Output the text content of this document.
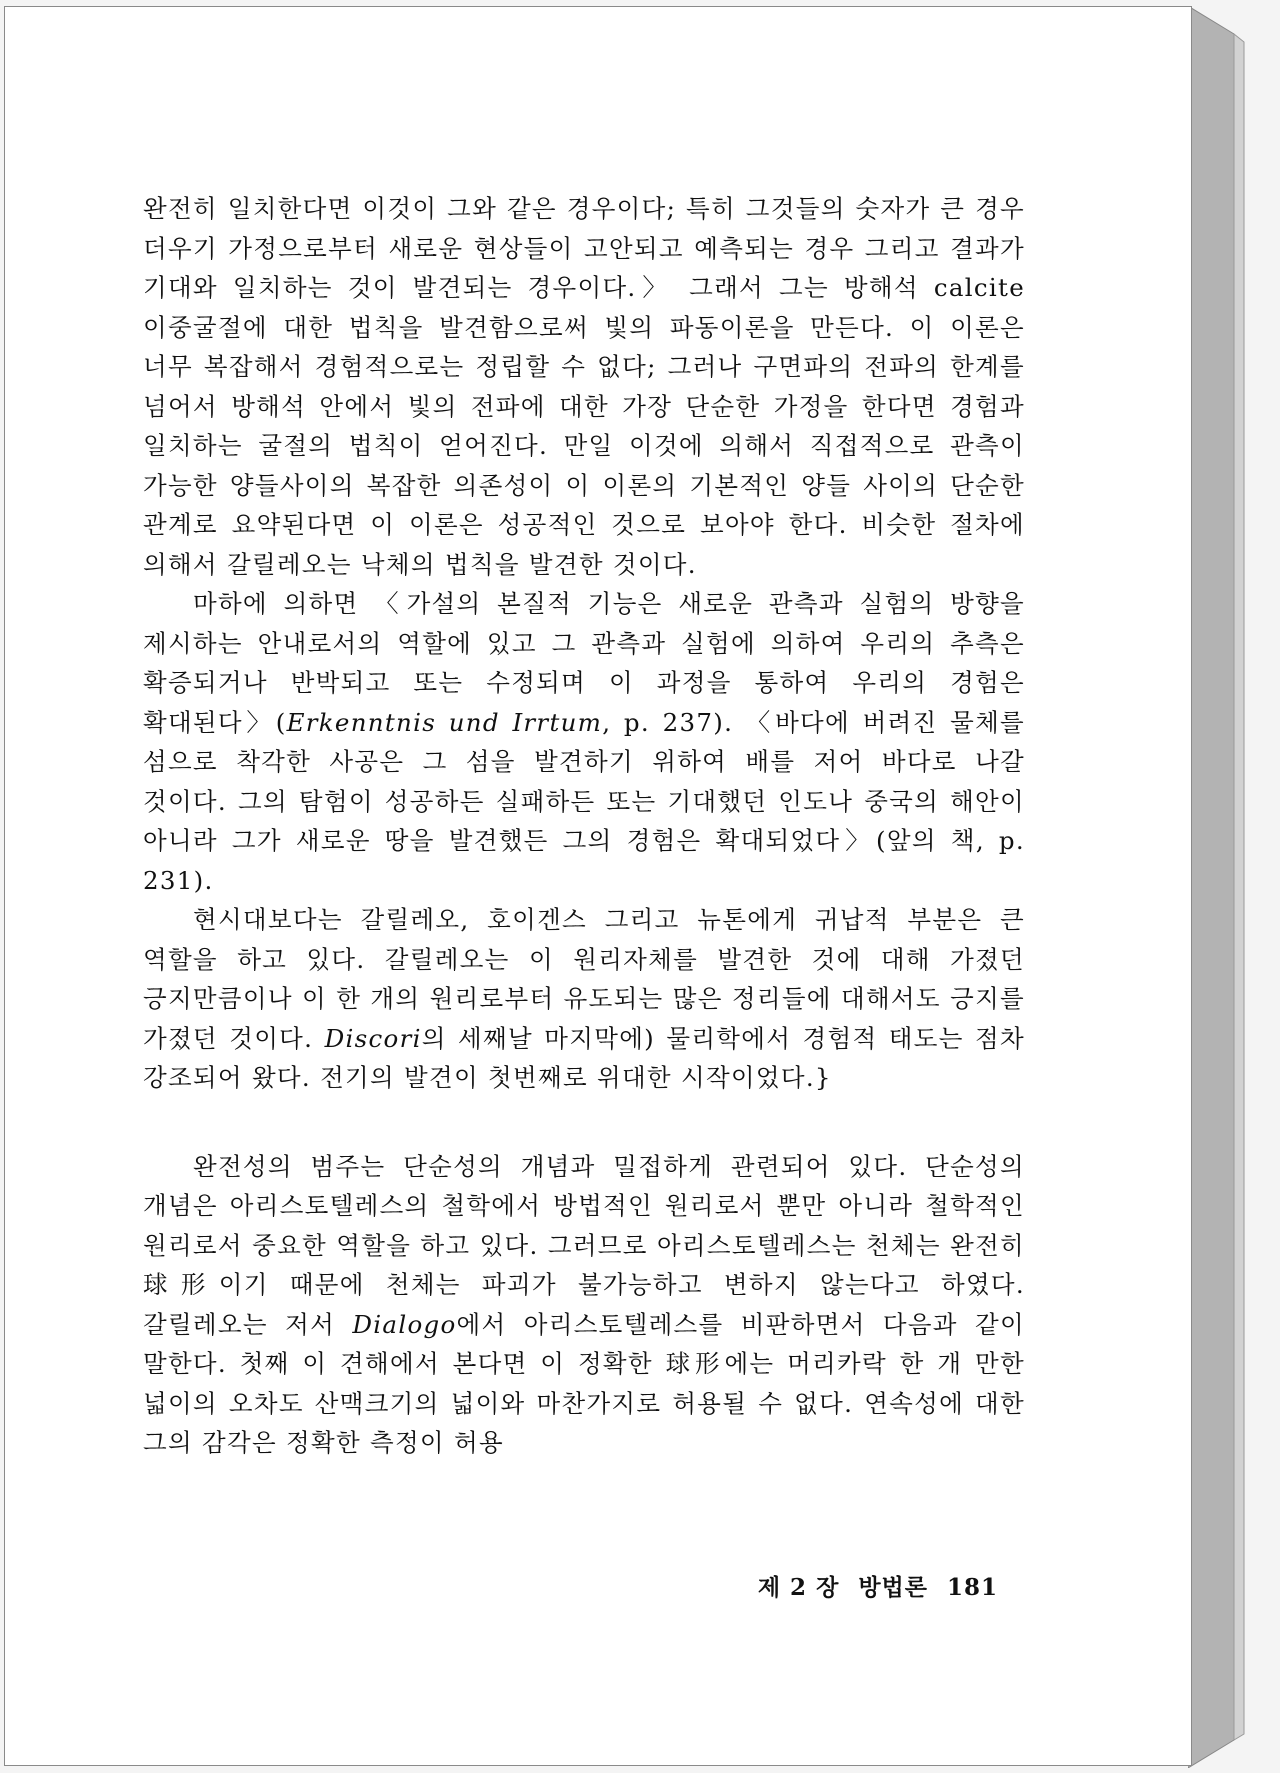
완전히 일치한다면 이것이 그와 같은 경우이다; 특히 그것들의 숫자가 큰 경우 더우기 가정으로부터 새로운 현상들이 고안되고 예측되는 경우 그리고 결과가 기대와 일치하는 것이 발견되는 경우이다.〉 그래서 그는 방해석 calcite 이중굴절에 대한 법칙을 발견함으로써 빛의 파동이론을 만든다. 이 이론은 너무 복잡해서 경험적으로는 정립할 수 없다; 그러나 구면파의 전파의 한계를 넘어서 방해석 안에서 빛의 전파에 대한 가장 단순한 가정을 한다면 경험과 일치하는 굴절의 법칙이 얻어진다. 만일 이것에 의해서 직접적으로 관측이 가능한 양들사이의 복잡한 의존성이 이 이론의 기본적인 양들 사이의 단순한 관계로 요약된다면 이 이론은 성공적인 것으로 보아야 한다. 비슷한 절차에 의해서 갈릴레오는 낙체의 법칙을 발견한 것이다.

마하에 의하면 〈가설의 본질적 기능은 새로운 관측과 실험의 방향을 제시하는 안내로서의 역할에 있고 그 관측과 실험에 의하여 우리의 추측은 확증되거나 반박되고 또는 수정되며 이 과정을 통하여 우리의 경험은 확대된다〉(Erkenntnis und Irrtum, p. 237). 〈바다에 버려진 물체를 섬으로 착각한 사공은 그 섬을 발견하기 위하여 배를 저어 바다로 나갈 것이다. 그의 탐험이 성공하든 실패하든 또는 기대했던 인도나 중국의 해안이 아니라 그가 새로운 땅을 발견했든 그의 경험은 확대되었다〉(앞의 책, p. 231).

현시대보다는 갈릴레오, 호이겐스 그리고 뉴톤에게 귀납적 부분은 큰 역할을 하고 있다. 갈릴레오는 이 원리자체를 발견한 것에 대해 가졌던 긍지만큼이나 이 한 개의 원리로부터 유도되는 많은 정리들에 대해서도 긍지를 가졌던 것이다. Discori의 세째날 마지막에) 물리학에서 경험적 태도는 점차 강조되어 왔다. 전기의 발견이 첫번째로 위대한 시작이었다.}

완전성의 범주는 단순성의 개념과 밀접하게 관련되어 있다. 단순성의 개념은 아리스토텔레스의 철학에서 방법적인 원리로서 뿐만 아니라 철학적인 원리로서 중요한 역할을 하고 있다. 그러므로 아리스토텔레스는 천체는 완전히 球形이기 때문에 천체는 파괴가 불가능하고 변하지 않는다고 하였다. 갈릴레오는 저서 Dialogo에서 아리스토텔레스를 비판하면서 다음과 같이 말한다. 첫째 이 견해에서 본다면 이 정확한 球形에는 머리카락 한 개 만한 넓이의 오차도 산맥크기의 넓이와 마찬가지로 허용될 수 없다. 연속성에 대한 그의 감각은 정확한 측정이 허용

제 2 장 방법론 181
